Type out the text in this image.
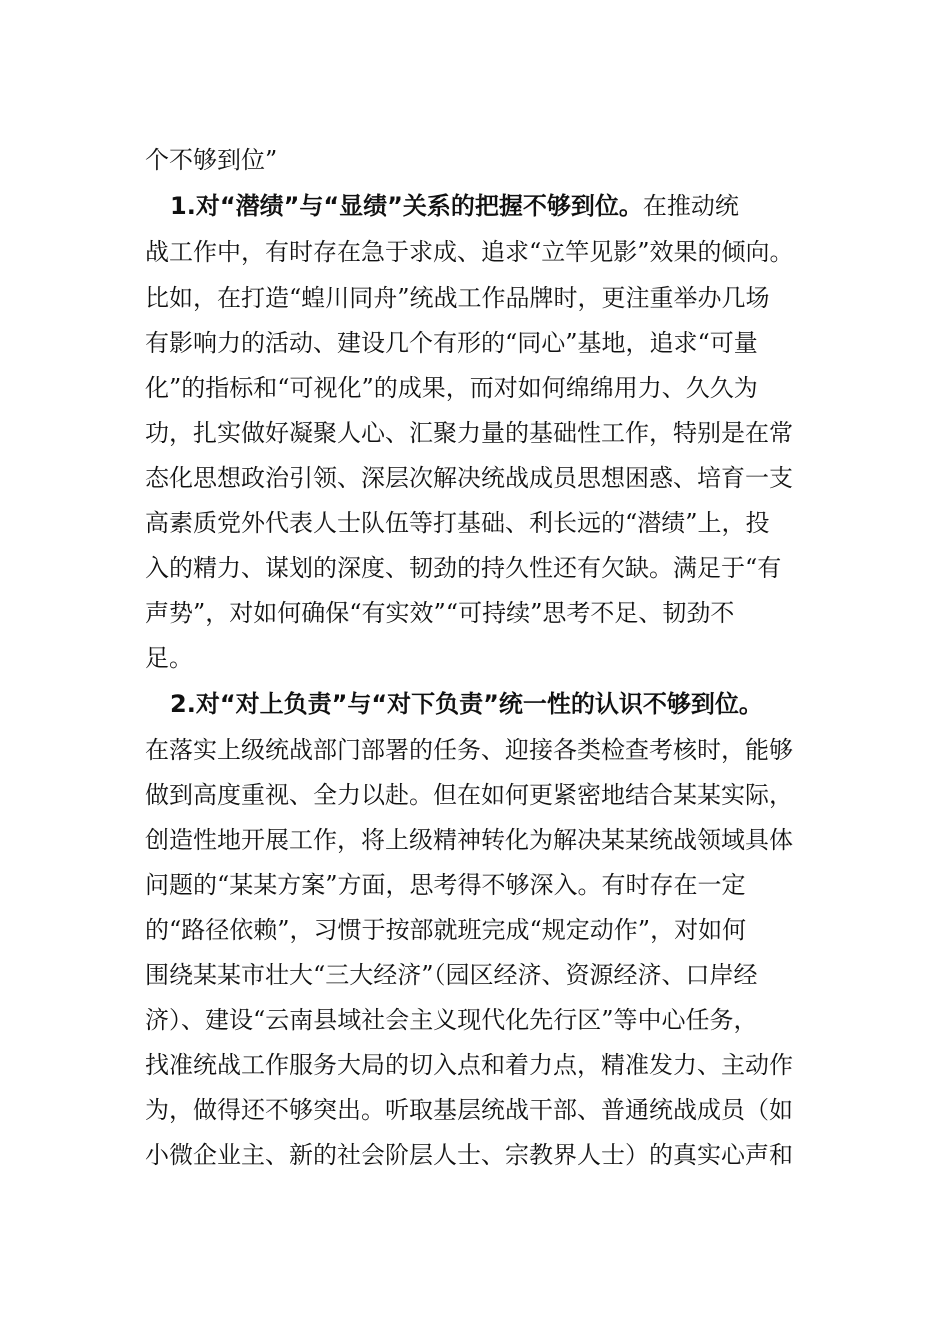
个不够到位”
1.对“潜绩”与“显绩”关系的把握不够到位。在推动统
战工作中，有时存在急于求成、追求“立竿见影”效果的倾向。
比如，在打造“蝗川同舟”统战工作品牌时，更注重举办几场
有影响力的活动、建设几个有形的“同心”基地，追求“可量
化”的指标和“可视化”的成果，而对如何绵绵用力、久久为
功，扎实做好凝聚人心、汇聚力量的基础性工作，特别是在常
态化思想政治引领、深层次解决统战成员思想困惑、培育一支
高素质党外代表人士队伍等打基础、利长远的“潜绩”上，投
入的精力、谋划的深度、韧劲的持久性还有欠缺。满足于“有
声势”，对如何确保“有实效”“可持续”思考不足、韧劲不
足。
2.对“对上负责”与“对下负责”统一性的认识不够到位。
在落实上级统战部门部署的任务、迎接各类检查考核时，能够
做到高度重视、全力以赴。但在如何更紧密地结合某某实际，
创造性地开展工作，将上级精神转化为解决某某统战领域具体
问题的“某某方案”方面，思考得不够深入。有时存在一定
的“路径依赖”，习惯于按部就班完成“规定动作”，对如何
围绕某某市壮大“三大经济”（园区经济、资源经济、口岸经
济）、建设“云南县域社会主义现代化先行区”等中心任务，
找准统战工作服务大局的切入点和着力点，精准发力、主动作
为，做得还不够突出。听取基层统战干部、普通统战成员（如
小微企业主、新的社会阶层人士、宗教界人士）的真实心声和
